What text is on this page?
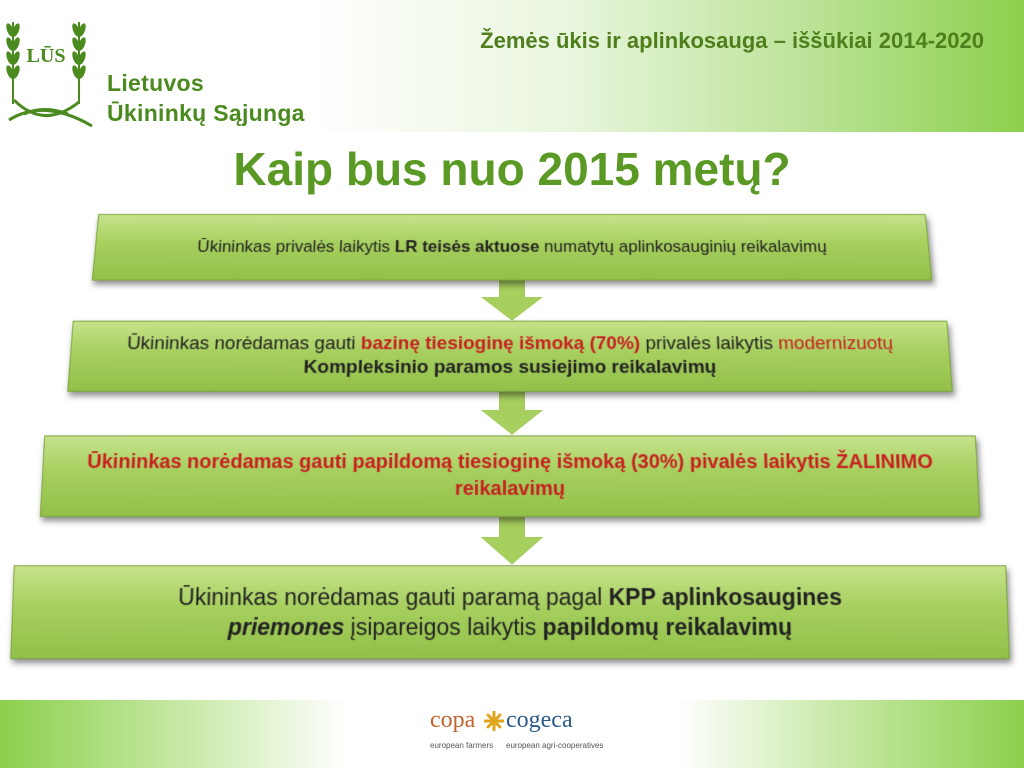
LŪS
Lietuvos
Ūkininkų Sąjunga
Žemės ūkis ir aplinkosauga – iššūkiai 2014-2020
Kaip bus nuo 2015 metų?
Ūkininkas privalės laikytis LR teisės aktuose numatytų aplinkosauginių reikalavimų
Ūkininkas norėdamas gauti bazinę tiesioginę išmoką (70%) privalės laikytis modernizuotų Kompleksinio paramos susiejimo reikalavimų
Ūkininkas norėdamas gauti papildomą tiesioginę išmoką (30%) pivalės laikytis ŽALINIMO reikalavimų
Ūkininkas norėdamas gauti paramą pagal KPP aplinkosaugines priemones įsipareigos laikytis papildomų reikalavimų
copa cogeca
european farmers european agri-cooperatives
